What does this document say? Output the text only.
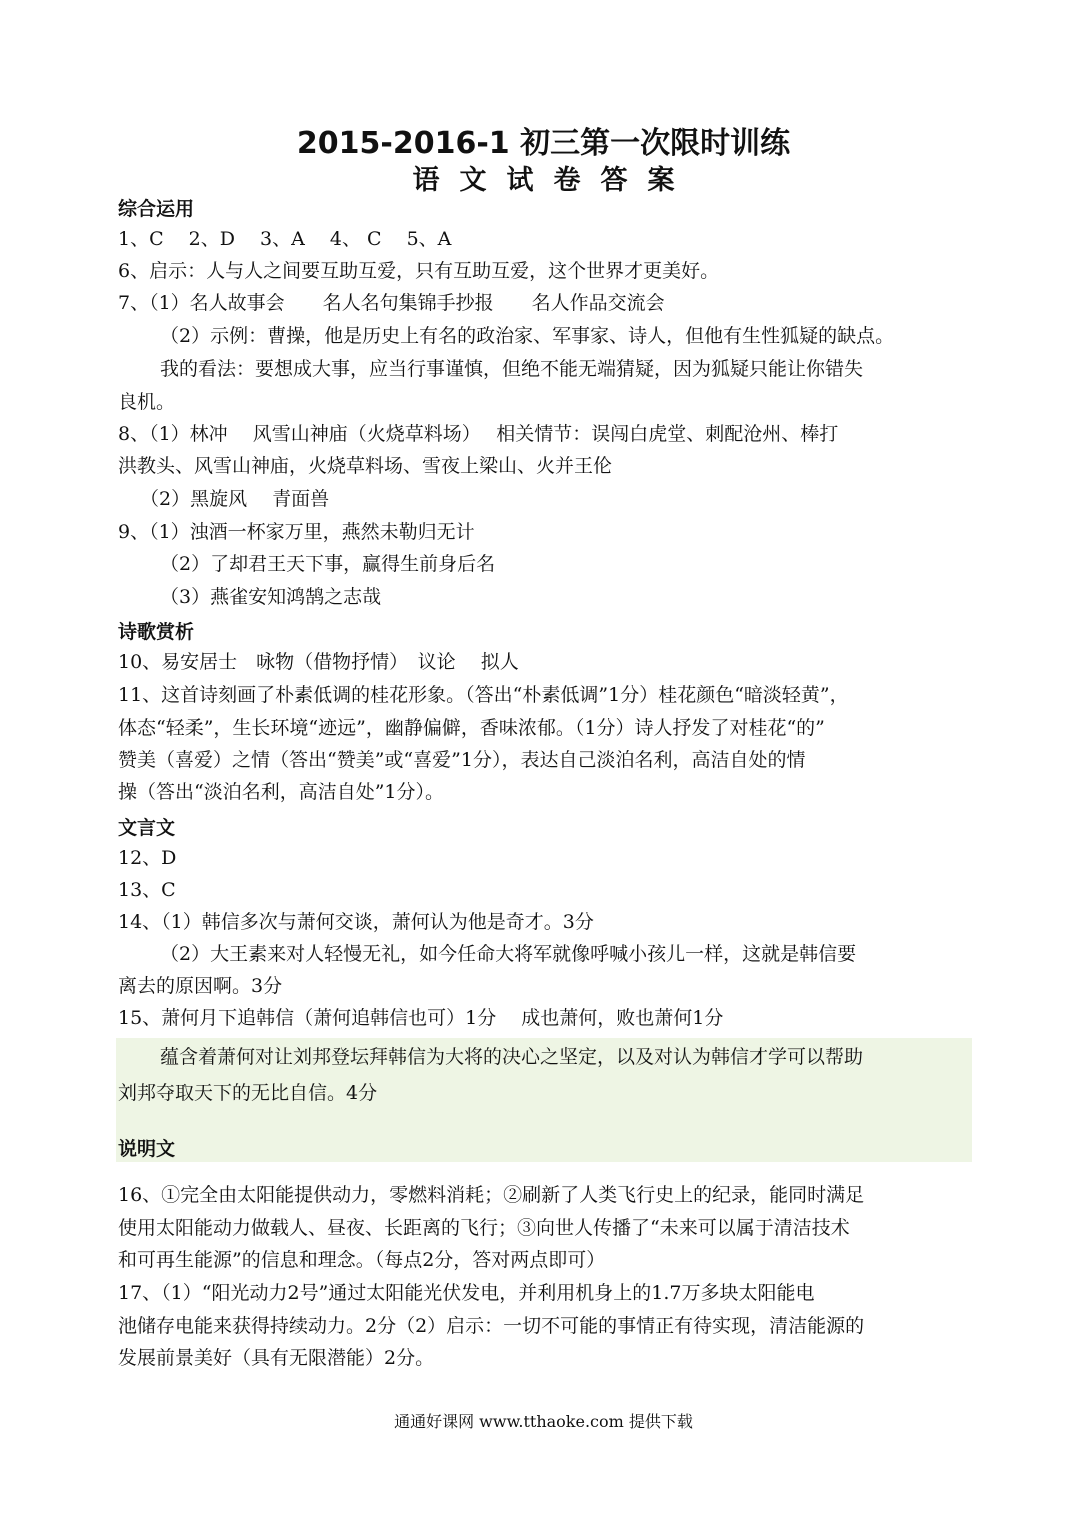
2015-2016-1 初三第一次限时训练
语文试卷答案
综合运用
诗歌赏析
文言文
说明文
1、C　 2、D　 3、A　 4、 C　 5、A
6、启示：人与人之间要互助互爱，只有互助互爱，这个世界才更美好。
7、（1）名人故事会　　名人名句集锦手抄报　　名人作品交流会
（2）示例：曹操，他是历史上有名的政治家、军事家、诗人，但他有生性狐疑的缺点。
我的看法：要想成大事，应当行事谨慎，但绝不能无端猜疑，因为狐疑只能让你错失
良机。
8、（1）林冲　 风雪山神庙（火烧草料场）　 相关情节：误闯白虎堂、刺配沧州、棒打
洪教头、风雪山神庙，火烧草料场、雪夜上梁山、火并王伦
（2）黑旋风　 青面兽
9、（1）浊酒一杯家万里，燕然未勒归无计
（2）了却君王天下事，赢得生前身后名
（3）燕雀安知鸿鹄之志哉
10、易安居士　咏物（借物抒情）　议论　 拟人
11、这首诗刻画了朴素低调的桂花形象。（答出“朴素低调”1分）桂花颜色“暗淡轻黄”，
体态“轻柔”，生长环境“迹远”，幽静偏僻，香味浓郁。（1分）诗人抒发了对桂花“的”
赞美（喜爱）之情（答出“赞美”或“喜爱”1分），表达自己淡泊名利，高洁自处的情
操（答出“淡泊名利，高洁自处”1分）。
12、D
13、C
14、（1）韩信多次与萧何交谈，萧何认为他是奇才。3分
（2）大王素来对人轻慢无礼，如今任命大将军就像呼喊小孩儿一样，这就是韩信要
离去的原因啊。3分
15、萧何月下追韩信（萧何追韩信也可）1分　 成也萧何，败也萧何1分
蕴含着萧何对让刘邦登坛拜韩信为大将的决心之坚定，以及对认为韩信才学可以帮助
刘邦夺取天下的无比自信。4分
16、①完全由太阳能提供动力，零燃料消耗；②刷新了人类飞行史上的纪录，能同时满足
使用太阳能动力做载人、昼夜、长距离的飞行；③向世人传播了“未来可以属于清洁技术
和可再生能源”的信息和理念。（每点2分，答对两点即可）
17、（1）“阳光动力2号”通过太阳能光伏发电，并利用机身上的1.7万多块太阳能电
池储存电能来获得持续动力。2分（2）启示：一切不可能的事情正有待实现，清洁能源的
发展前景美好（具有无限潜能）2分。
通通好课网 www.tthaoke.com 提供下载
